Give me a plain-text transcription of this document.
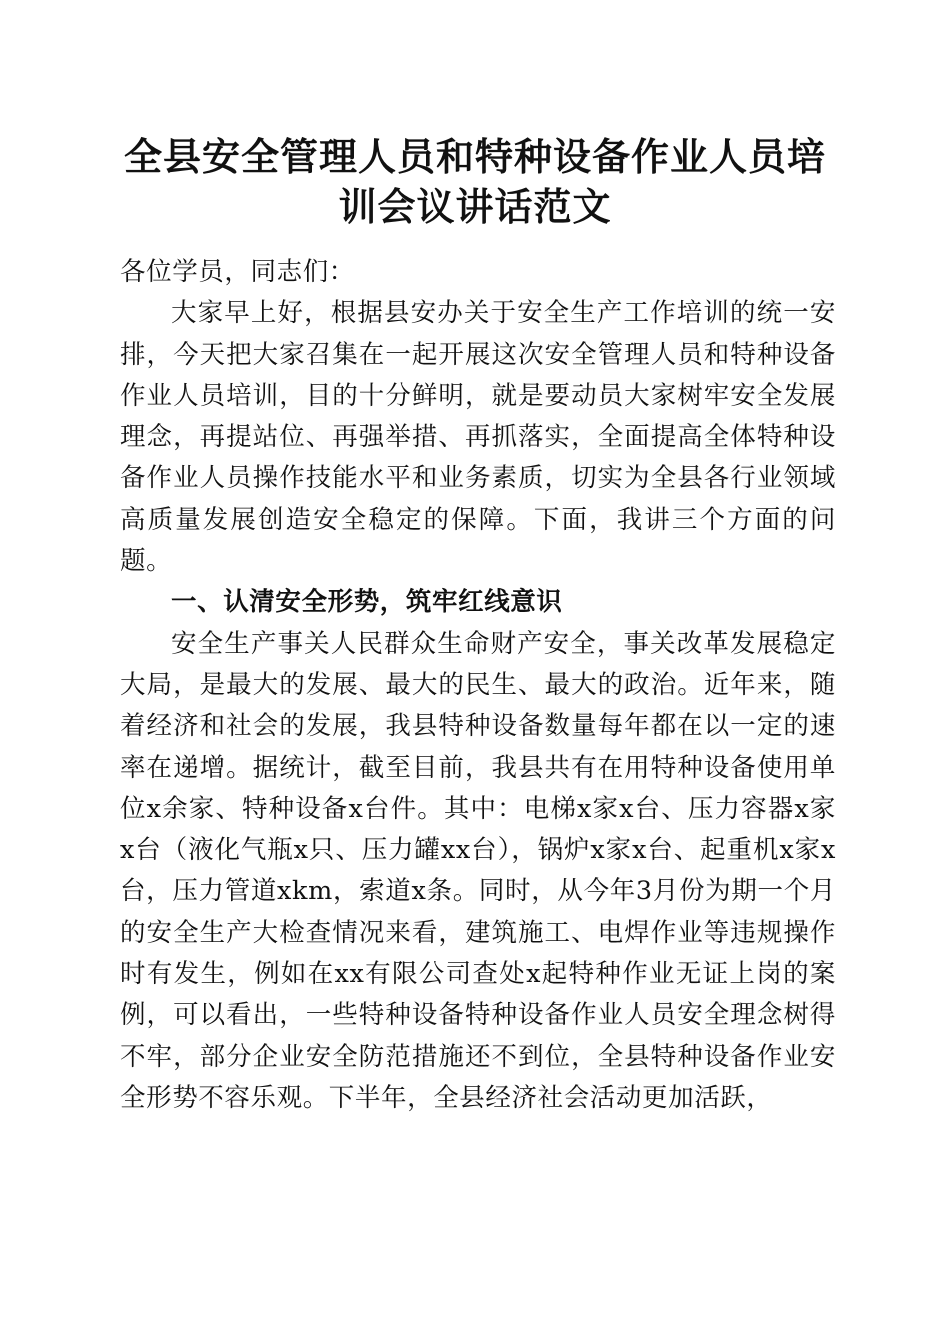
全县安全管理人员和特种设备作业人员培训会议讲话范文

各位学员，同志们：

大家早上好，根据县安办关于安全生产工作培训的统一安排，今天把大家召集在一起开展这次安全管理人员和特种设备作业人员培训，目的十分鲜明，就是要动员大家树牢安全发展理念，再提站位、再强举措、再抓落实，全面提高全体特种设备作业人员操作技能水平和业务素质，切实为全县各行业领域高质量发展创造安全稳定的保障。下面，我讲三个方面的问题。

一、认清安全形势，筑牢红线意识

安全生产事关人民群众生命财产安全，事关改革发展稳定大局，是最大的发展、最大的民生、最大的政治。近年来，随着经济和社会的发展，我县特种设备数量每年都在以一定的速率在递增。据统计，截至目前，我县共有在用特种设备使用单位x余家、特种设备x台件。其中：电梯x家x台、压力容器x家x台（液化气瓶x只、压力罐xx台），锅炉x家x台、起重机x家x台，压力管道xkm，索道x条。同时，从今年3月份为期一个月的安全生产大检查情况来看，建筑施工、电焊作业等违规操作时有发生，例如在xx有限公司查处x起特种作业无证上岗的案例，可以看出，一些特种设备特种设备作业人员安全理念树得不牢，部分企业安全防范措施还不到位，全县特种设备作业安全形势不容乐观。下半年，全县经济社会活动更加活跃，
